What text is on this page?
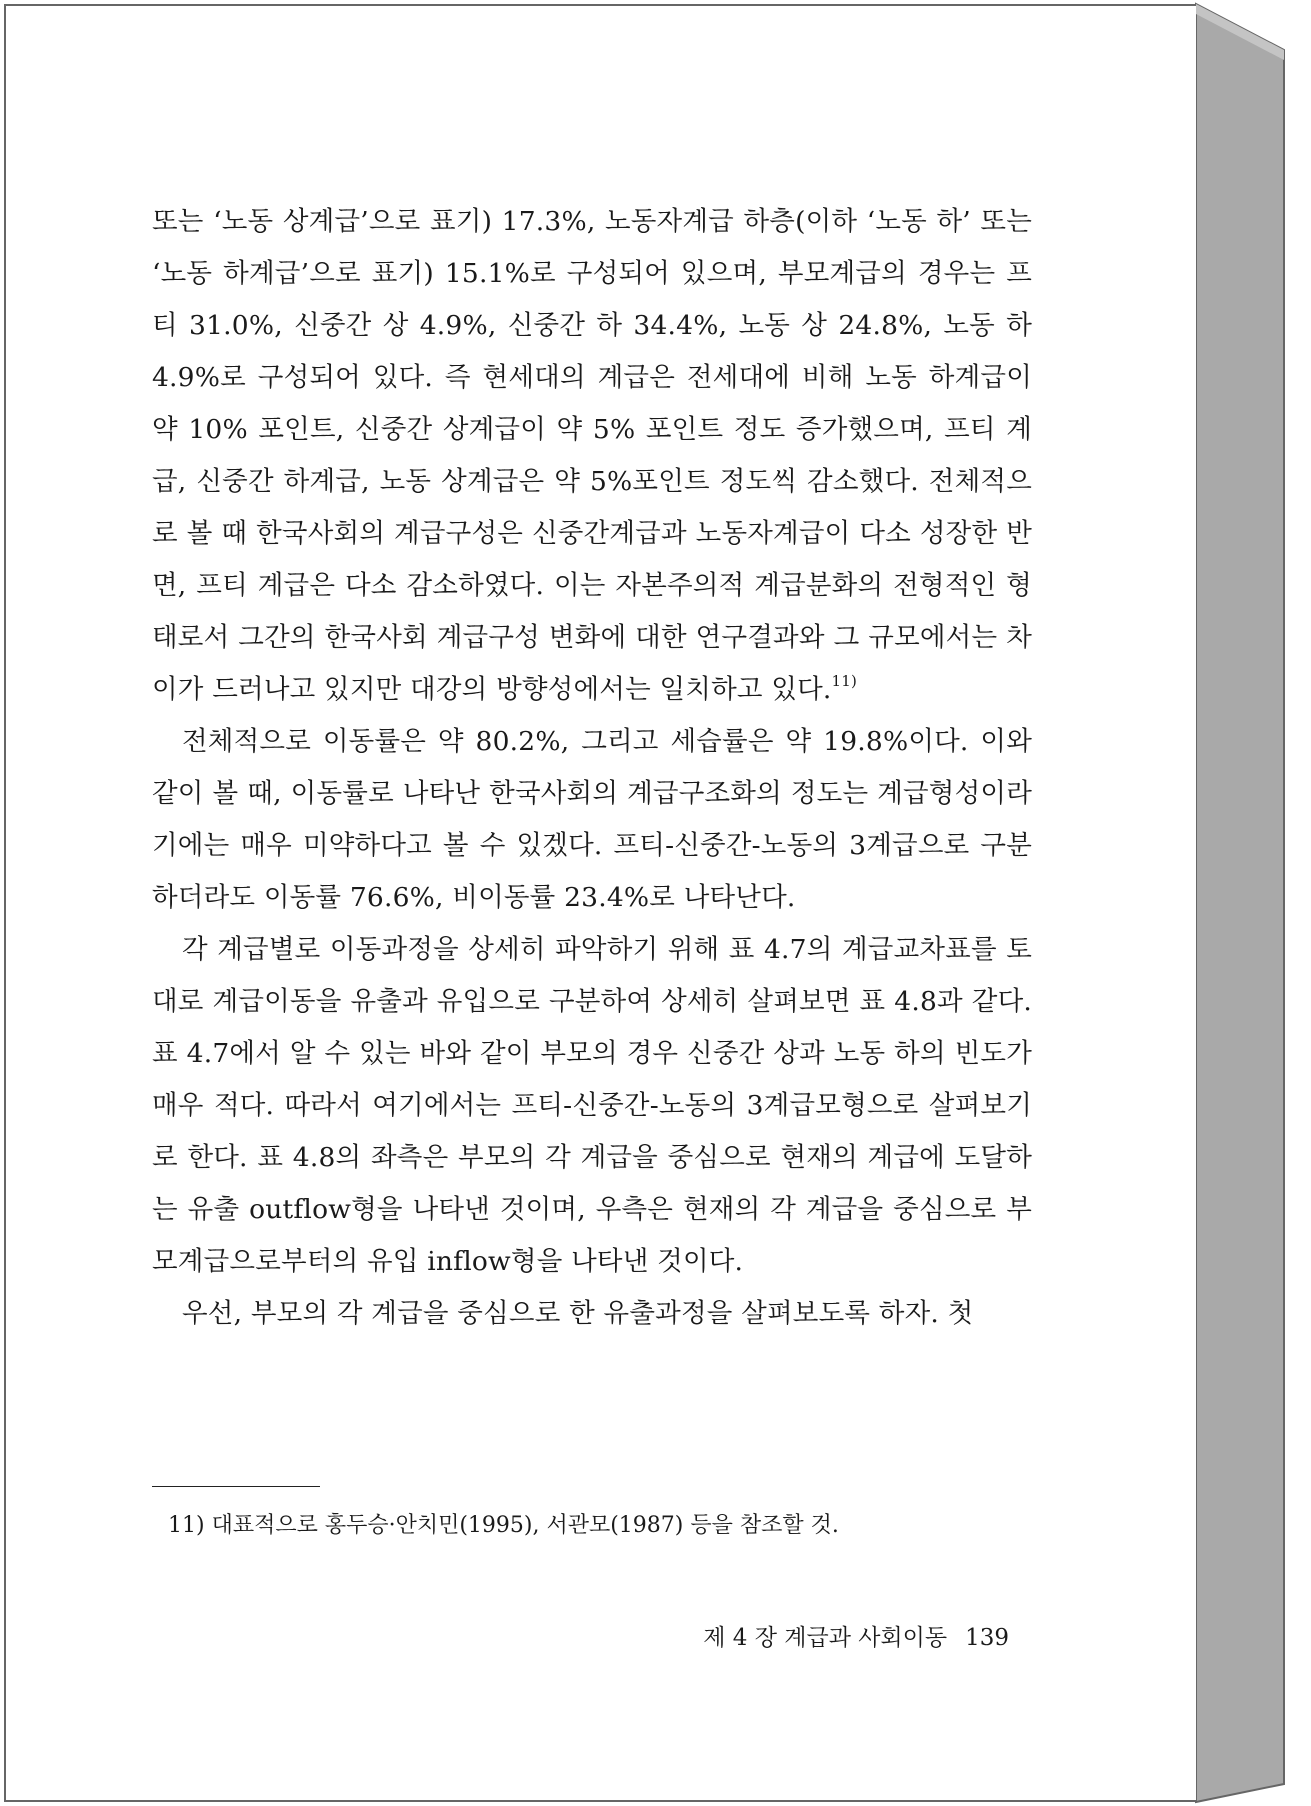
또는 ‘노동 상계급’으로 표기) 17.3%, 노동자계급 하층(이하 ‘노동 하’ 또는 ‘노동 하계급’으로 표기) 15.1%로 구성되어 있으며, 부모계급의 경우는 프티 31.0%, 신중간 상 4.9%, 신중간 하 34.4%, 노동 상 24.8%, 노동 하 4.9%로 구성되어 있다. 즉 현세대의 계급은 전세대에 비해 노동 하계급이 약 10% 포인트, 신중간 상계급이 약 5% 포인트 정도 증가했으며, 프티 계급, 신중간 하계급, 노동 상계급은 약 5%포인트 정도씩 감소했다. 전체적으로 볼 때 한국사회의 계급구성은 신중간계급과 노동자계급이 다소 성장한 반면, 프티 계급은 다소 감소하였다. 이는 자본주의적 계급분화의 전형적인 형태로서 그간의 한국사회 계급구성 변화에 대한 연구결과와 그 규모에서는 차이가 드러나고 있지만 대강의 방향성에서는 일치하고 있다.$^{11)}$

전체적으로 이동률은 약 80.2%, 그리고 세습률은 약 19.8%이다. 이와 같이 볼 때, 이동률로 나타난 한국사회의 계급구조화의 정도는 계급형성이라기에는 매우 미약하다고 볼 수 있겠다. 프티-신중간-노동의 3계급으로 구분하더라도 이동률 76.6%, 비이동률 23.4%로 나타난다.

각 계급별로 이동과정을 상세히 파악하기 위해 표 4.7의 계급교차표를 토대로 계급이동을 유출과 유입으로 구분하여 상세히 살펴보면 표 4.8과 같다. 표 4.7에서 알 수 있는 바와 같이 부모의 경우 신중간 상과 노동 하의 빈도가 매우 적다. 따라서 여기에서는 프티-신중간-노동의 3계급모형으로 살펴보기로 한다. 표 4.8의 좌측은 부모의 각 계급을 중심으로 현재의 계급에 도달하는 유출 outflow형을 나타낸 것이며, 우측은 현재의 각 계급을 중심으로 부모계급으로부터의 유입 inflow형을 나타낸 것이다.

우선, 부모의 각 계급을 중심으로 한 유출과정을 살펴보도록 하자. 첫

11) 대표적으로 홍두승·안치민(1995), 서관모(1987) 등을 참조할 것.
제 4 장 계급과 사회이동 139
